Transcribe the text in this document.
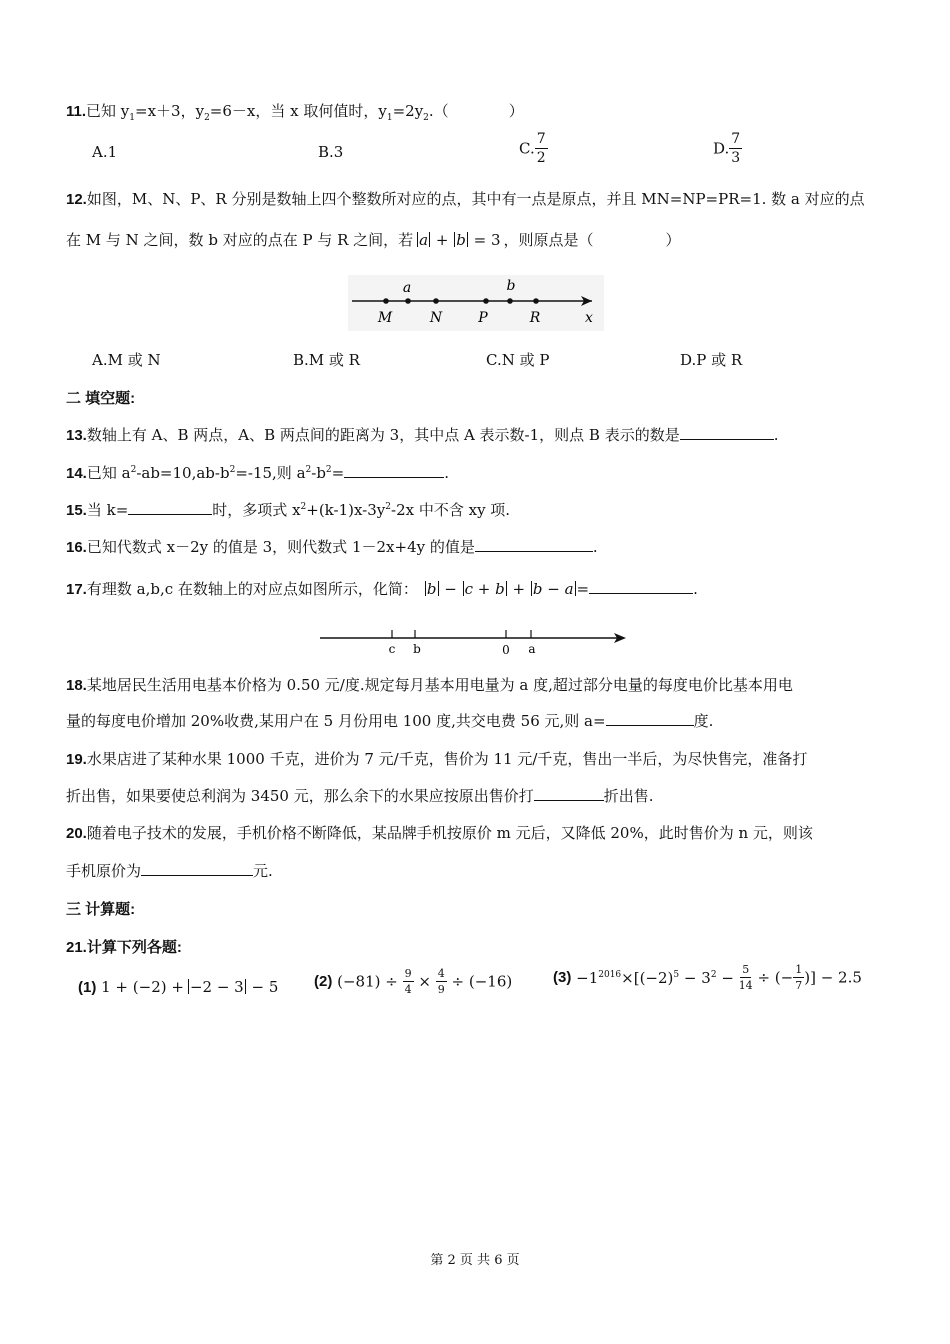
11.已知 $y_1=x+3$，$y_2=6-x$，当 x 取何值时，$y_1=2y_2$.（	）
A.1	B.3	C. $\frac{7}{2}$	D. $\frac{7}{3}$
12.如图，M、N、P、R 分别是数轴上四个整数所对应的点，其中有一点是原点，并且 MN=NP=PR=1. 数 a 对应的点
在 M 与 N 之间，数 b 对应的点在 P 与 R 之间，若 a + b = 3 ，则原点是（	）
a	b
M	N	P	R	x
A.M 或 N	B.M 或 R	C.N 或 P	D.P 或 R
二 填空题:
13.数轴上有 A、B 两点，A、B 两点间的距离为 3，其中点 A 表示数-1，则点 B 表示的数是	.
14.已知 $a^2-ab=10,ab-b^2=-15$,则 $a^2-b^2=$	.
15.当 k=	时，多项式 $x^2+(k-1)x-3y^2-2x$ 中不含 xy 项.
16.已知代数式 x－2y 的值是 3，则代数式 1－2x+4y 的值是	.
17.有理数 a,b,c 在数轴上的对应点如图所示，化简： b − c + b + b − a =	.
c b	0 a
18.某地居民生活用电基本价格为 0.50 元/度.规定每月基本用电量为 a 度,超过部分电量的每度电价比基本用电
量的每度电价增加 20%收费,某用户在 5 月份用电 100 度,共交电费 56 元,则 a=	度.
19.水果店进了某种水果 1000 千克，进价为 7 元/千克，售价为 11 元/千克，售出一半后，为尽快售完，准备打
折出售，如果要使总利润为 3450 元，那么余下的水果应按原出售价打	折出售.
20.随着电子技术的发展，手机价格不断降低，某品牌手机按原价 m 元后，又降低 20%，此时售价为 n 元，则该
手机原价为	元.
三 计算题:
21.计算下列各题:
(1) 1 + (−2) + −2 − 3 − 5 (2) $(-81) \div \frac{9}{4} \times \frac{4}{9} \div (-16)$	$(3) -1^{2016}\times[(-2)^5 - 3^2 - \frac{5}{14}$ ÷ (− $\frac{1}{7}$ )] − 2.5
第 2 页 共 6 页
